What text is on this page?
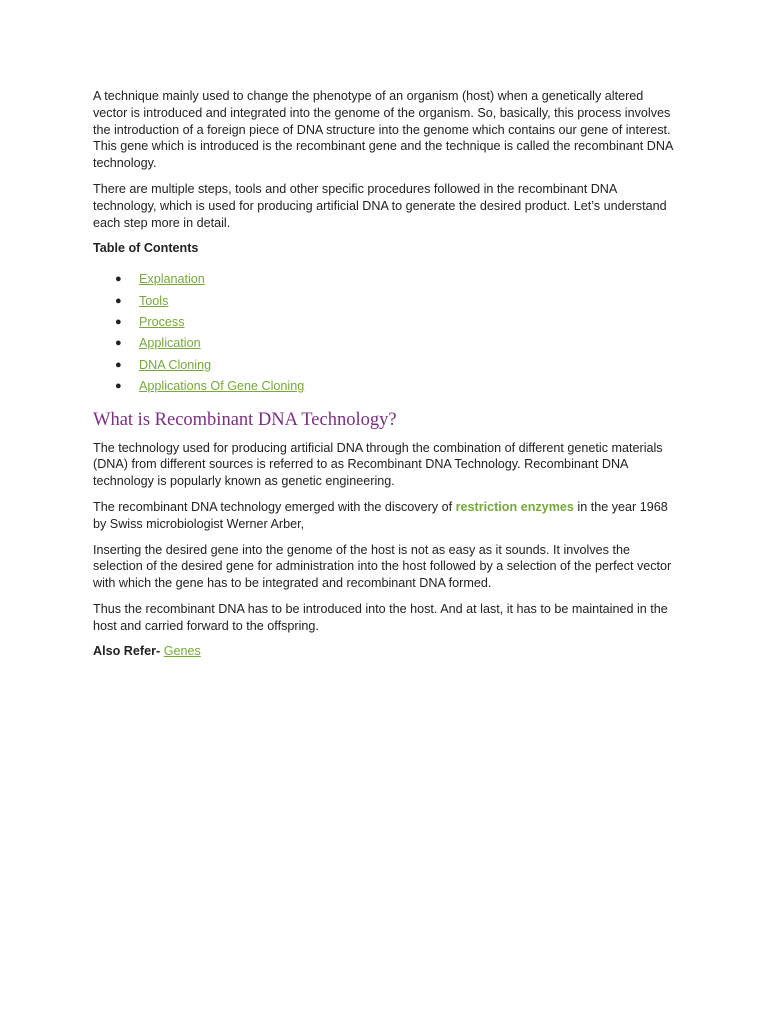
A technique mainly used to change the phenotype of an organism (host) when a genetically altered vector is introduced and integrated into the genome of the organism. So, basically, this process involves the introduction of a foreign piece of DNA structure into the genome which contains our gene of interest. This gene which is introduced is the recombinant gene and the technique is called the recombinant DNA technology.

There are multiple steps, tools and other specific procedures followed in the recombinant DNA technology, which is used for producing artificial DNA to generate the desired product. Let’s understand each step more in detail.

Table of Contents

● Explanation
● Tools
● Process
● Application
● DNA Cloning
● Applications Of Gene Cloning
What is Recombinant DNA Technology?

The technology used for producing artificial DNA through the combination of different genetic materials (DNA) from different sources is referred to as Recombinant DNA Technology. Recombinant DNA technology is popularly known as genetic engineering.

The recombinant DNA technology emerged with the discovery of restriction enzymes in the year 1968 by Swiss microbiologist Werner Arber,

Inserting the desired gene into the genome of the host is not as easy as it sounds. It involves the selection of the desired gene for administration into the host followed by a selection of the perfect vector with which the gene has to be integrated and recombinant DNA formed.

Thus the recombinant DNA has to be introduced into the host. And at last, it has to be maintained in the host and carried forward to the offspring.

Also Refer- Genes
